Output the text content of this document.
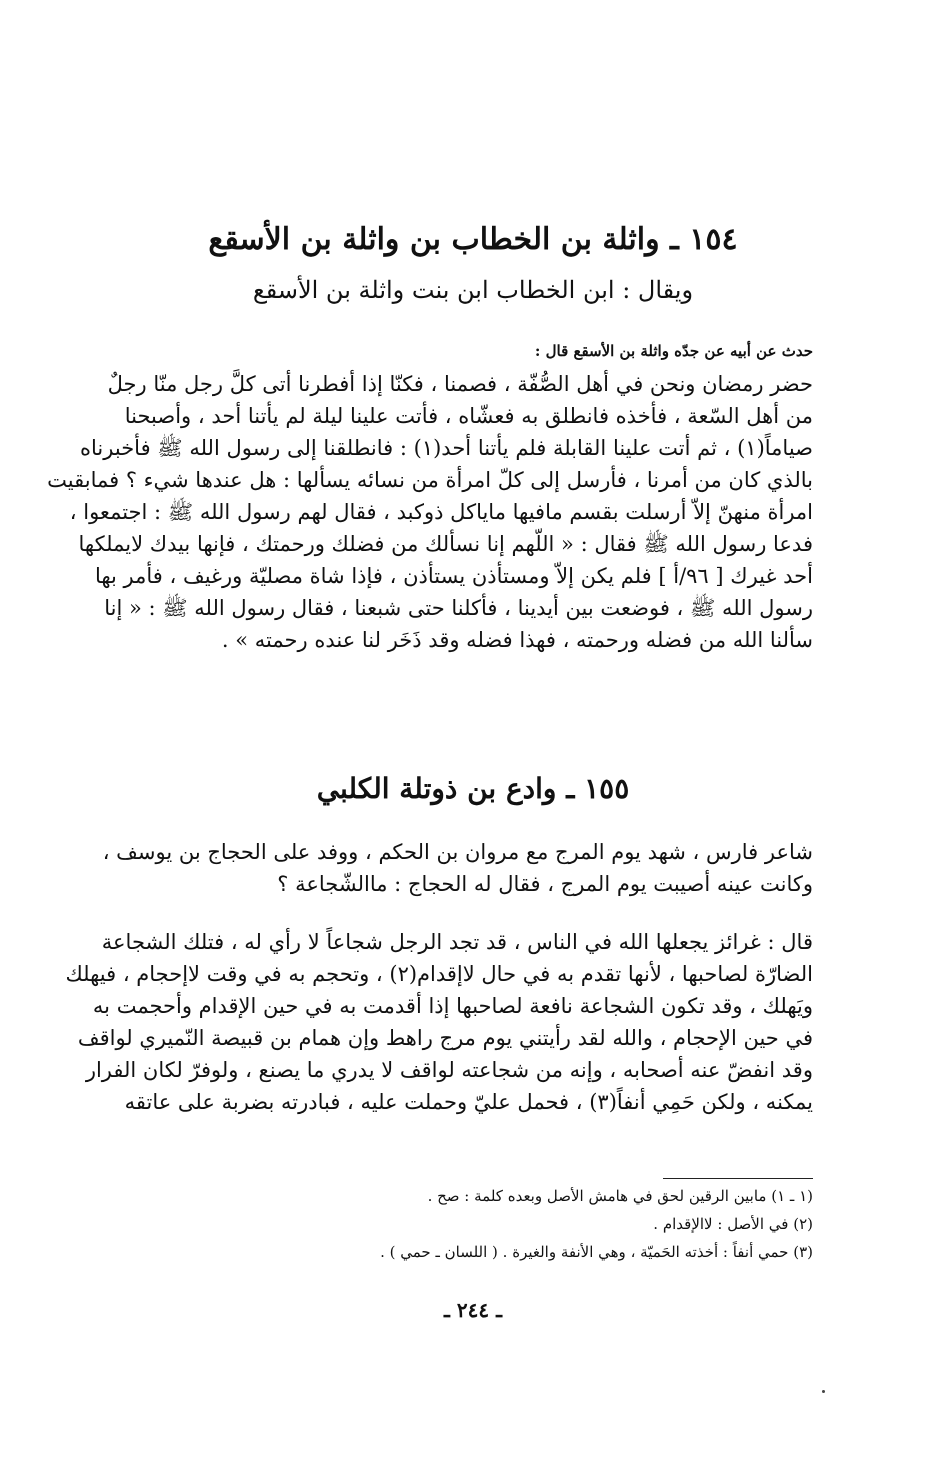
١٥٤ ـ واثلة بن الخطاب بن واثلة بن الأسقع
ويقال : ابن الخطاب ابن بنت واثلة بن الأسقع
حدث عن أبيه عن جدّه واثلة بن الأسقع قال :
حضر رمضان ونحن في أهل الصُّفّة ، فصمنا ، فكنّا إذا أفطرنا أتى كلَّ رجل منّا رجلٌ
من أهل السّعة ، فأخذه فانطلق به فعشّاه ، فأتت علينا ليلة لم يأتنا أحد ، وأصبحنا
صياماً(١) ، ثم أتت علينا القابلة فلم يأتنا أحد(١) : فانطلقنا إلى رسول الله ﷺ فأخبرناه
بالذي كان من أمرنا ، فأرسل إلى كلّ امرأة من نسائه يسألها : هل عندها شيء ؟ فمابقيت
امرأة منهنّ إلاّ أرسلت بقسم مافيها ماياكل ذوكبد ، فقال لهم رسول الله ﷺ : اجتمعوا ،
فدعا رسول الله ﷺ فقال : « اللّهم إنا نسألك من فضلك ورحمتك ، فإنها بيدك لايملكها
أحد غيرك [ ٩٦/أ ] فلم يكن إلاّ ومستأذن يستأذن ، فإذا شاة مصليّة ورغيف ، فأمر بها
رسول الله ﷺ ، فوضعت بين أيدينا ، فأكلنا حتى شبعنا ، فقال رسول الله ﷺ : « إنا
سألنا الله من فضله ورحمته ، فهذا فضله وقد ذَخَر لنا عنده رحمته » .
١٥٥ ـ وادع بن ذوتلة الكلبي
شاعر فارس ، شهد يوم المرج مع مروان بن الحكم ، ووفد على الحجاج بن يوسف ،
وكانت عينه أصيبت يوم المرج ، فقال له الحجاج : ماالشّجاعة ؟
قال : غرائز يجعلها الله في الناس ، قد تجد الرجل شجاعاً لا رأي له ، فتلك الشجاعة
الضارّة لصاحبها ، لأنها تقدم به في حال لاإقدام(٢) ، وتحجم به في وقت لاإحجام ، فيهلك
ويَهلك ، وقد تكون الشجاعة نافعة لصاحبها إذا أقدمت به في حين الإقدام وأحجمت به
في حين الإحجام ، والله لقد رأيتني يوم مرج راهط وإن همام بن قبيصة النّميري لواقف
وقد انفضّ عنه أصحابه ، وإنه من شجاعته لواقف لا يدري ما يصنع ، ولوفرّ لكان الفرار
يمكنه ، ولكن حَمِي أنفاً(٣) ، فحمل عليّ وحملت عليه ، فبادرته بضربة على عاتقه
(١ ـ ١) مابين الرقين لحق في هامش الأصل وبعده كلمة : صح .
(٢) في الأصل : لاالإقدام .
(٣) حمي أنفاً : أخذته الحَميّة ، وهي الأنفة والغيرة . ( اللسان ـ حمي ) .
ـ ٢٤٤ ـ
